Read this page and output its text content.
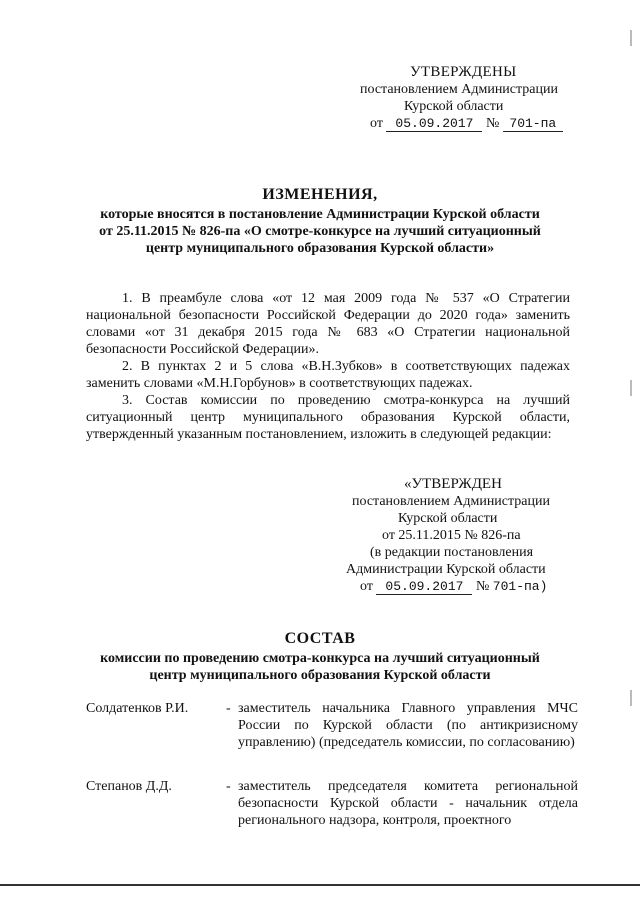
УТВЕРЖДЕНЫ
постановлением Администрации
Курской области
от 05.09.2017 № 701-па
ИЗМЕНЕНИЯ,
которые вносятся в постановление Администрации Курской области
от 25.11.2015 № 826-па «О смотре-конкурсе на лучший ситуационный
центр муниципального образования Курской области»

1. В преамбуле слова «от 12 мая 2009 года № 537 «О Стратегии национальной безопасности Российской Федерации до 2020 года» заменить словами «от 31 декабря 2015 года № 683 «О Стратегии национальной безопасности Российской Федерации».

2. В пунктах 2 и 5 слова «В.Н.Зубков» в соответствующих падежах заменить словами «М.Н.Горбунов» в соответствующих падежах.

3. Состав комиссии по проведению смотра-конкурса на лучший ситуационный центр муниципального образования Курской области, утвержденный указанным постановлением, изложить в следующей редакции:

«УТВЕРЖДЕН
постановлением Администрации
Курской области
от 25.11.2015 № 826-па
(в редакции постановления
Администрации Курской области
от 05.09.2017 № 701-па)
СОСТАВ
комиссии по проведению смотра-конкурса на лучший ситуационный
центр муниципального образования Курской области
Солдатенков Р.И.	- заместитель начальника Главного управления МЧС России по Курской области (по антикризисному управлению) (председатель комиссии, по согласованию)
Степанов Д.Д.	- заместитель председателя комитета региональной безопасности Курской области - начальник отдела регионального надзора, контроля, проектного
